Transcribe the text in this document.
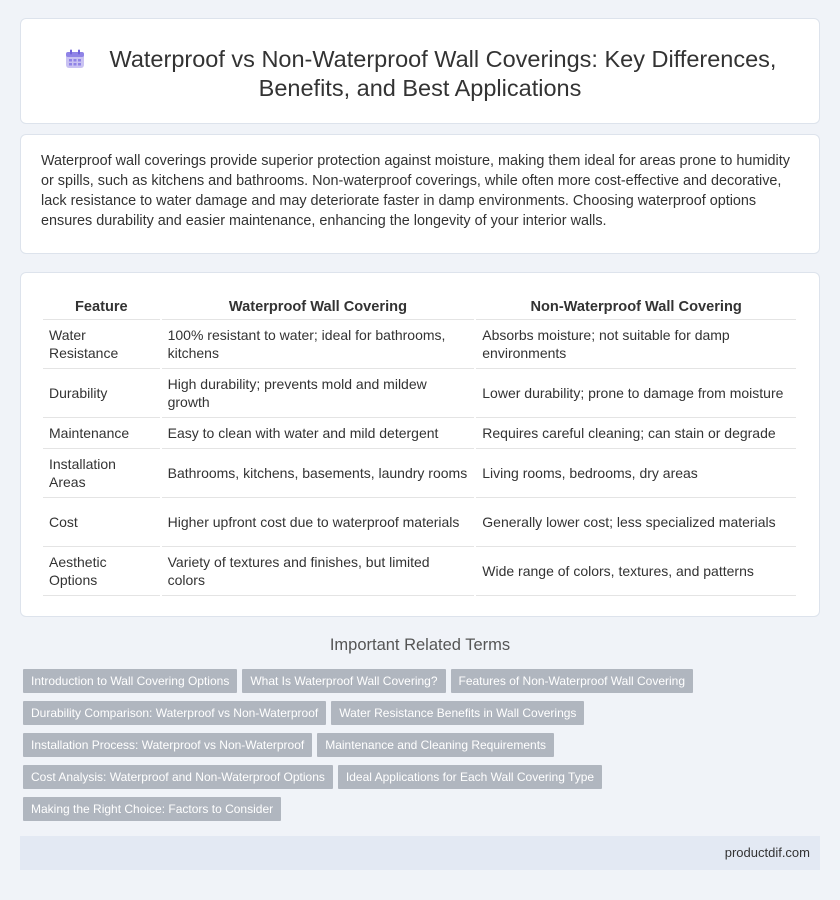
Waterproof vs Non-Waterproof Wall Coverings: Key Differences, Benefits, and Best Applications

Waterproof wall coverings provide superior protection against moisture, making them ideal for areas prone to humidity or spills, such as kitchens and bathrooms. Non-waterproof coverings, while often more cost-effective and decorative, lack resistance to water damage and may deteriorate faster in damp environments. Choosing waterproof options ensures durability and easier maintenance, enhancing the longevity of your interior walls.

Feature	Waterproof Wall Covering	Non-Waterproof Wall Covering
Water Resistance	100% resistant to water; ideal for bathrooms, kitchens	Absorbs moisture; not suitable for damp environments
Durability	High durability; prevents mold and mildew growth	Lower durability; prone to damage from moisture
Maintenance	Easy to clean with water and mild detergent	Requires careful cleaning; can stain or degrade
Installation Areas	Bathrooms, kitchens, basements, laundry rooms	Living rooms, bedrooms, dry areas
Cost	Higher upfront cost due to waterproof materials	Generally lower cost; less specialized materials
Aesthetic Options	Variety of textures and finishes, but limited colors	Wide range of colors, textures, and patterns
Important Related Terms
Introduction to Wall Covering Options What Is Waterproof Wall Covering? Features of Non-Waterproof Wall Covering
Durability Comparison: Waterproof vs Non-Waterproof Water Resistance Benefits in Wall Coverings
Installation Process: Waterproof vs Non-Waterproof Maintenance and Cleaning Requirements
Cost Analysis: Waterproof and Non-Waterproof Options Ideal Applications for Each Wall Covering Type
Making the Right Choice: Factors to Consider
productdif.com
